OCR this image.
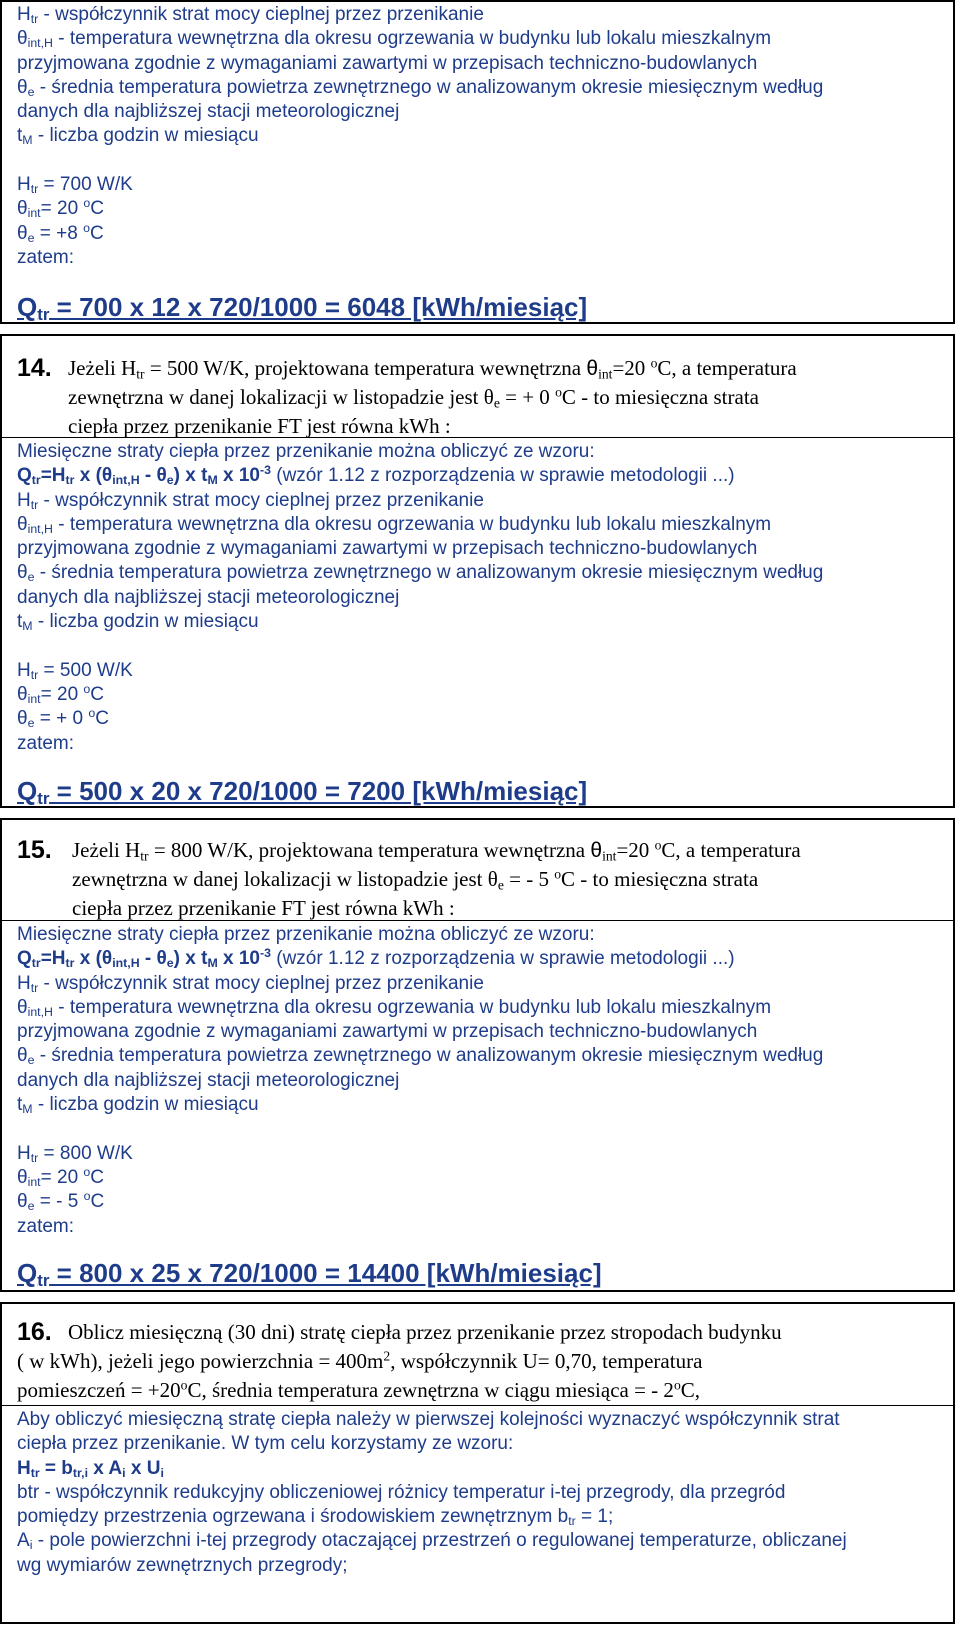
$H_{tr}$ - współczynnik strat mocy cieplnej przez przenikanie
$\theta_{int,H}$ - temperatura wewnętrzna dla okresu ogrzewania w budynku lub lokalu mieszkalnym
przyjmowana zgodnie z wymaganiami zawartymi w przepisach techniczno-budowlanych
$\theta_e$ - średnia temperatura powietrza zewnętrznego w analizowanym okresie miesięcznym według
danych dla najbliższej stacji meteorologicznej
$t_M$ - liczba godzin w miesiącu
$H_{tr} = 700$ W/K
$\theta_{int}= 20$ $^o$C
$\theta_e = +8$ $^o$C
zatem:
$Q_{tr} = 700$ x 12 x 720/1000 = 6048 [kWh/miesiąc]
14. Jeżeli $H_{tr} = 500$ W/K, projektowana temperatura wewnętrzna $\theta_{int}=20$ $^o$C, a temperatura
zewnętrzna w danej lokalizacji w listopadzie jest $\theta_e$ = + 0 $^o$C - to miesięczna strata
ciepła przez przenikanie FT jest równa kWh :
Miesięczne straty ciepła przez przenikanie można obliczyć ze wzoru:
$Q_{tr}=H_{tr}$ x $(\theta_{int,H} - \theta_e)$ x $t_M$ x $10^{-3}$ (wzór 1.12 z rozporządzenia w sprawie metodologii ...)
$H_{tr}$ - współczynnik strat mocy cieplnej przez przenikanie
$\theta_{int,H}$ - temperatura wewnętrzna dla okresu ogrzewania w budynku lub lokalu mieszkalnym
przyjmowana zgodnie z wymaganiami zawartymi w przepisach techniczno-budowlanych
$\theta_e$ - średnia temperatura powietrza zewnętrznego w analizowanym okresie miesięcznym według
danych dla najbliższej stacji meteorologicznej
$t_M$ - liczba godzin w miesiącu
$H_{tr} = 500$ W/K
$\theta_{int}= 20$ $^o$C
$\theta_e$ = + 0 $^o$C
zatem:
$Q_{tr} = 500$ x 20 x 720/1000 = 7200 [kWh/miesiąc]
15. Jeżeli $H_{tr} = 800$ W/K, projektowana temperatura wewnętrzna $\theta_{int}=20$ $^o$C, a temperatura
zewnętrzna w danej lokalizacji w listopadzie jest $\theta_e$ = - 5 $^o$C - to miesięczna strata
ciepła przez przenikanie FT jest równa kWh :
Miesięczne straty ciepła przez przenikanie można obliczyć ze wzoru:
$Q_{tr}=H_{tr}$ x $(\theta_{int,H} - \theta_e)$ x $t_M$ x $10^{-3}$ (wzór 1.12 z rozporządzenia w sprawie metodologii ...)
$H_{tr}$ - współczynnik strat mocy cieplnej przez przenikanie
$\theta_{int,H}$ - temperatura wewnętrzna dla okresu ogrzewania w budynku lub lokalu mieszkalnym
przyjmowana zgodnie z wymaganiami zawartymi w przepisach techniczno-budowlanych
$\theta_e$ - średnia temperatura powietrza zewnętrznego w analizowanym okresie miesięcznym według
danych dla najbliższej stacji meteorologicznej
$t_M$ - liczba godzin w miesiącu
$H_{tr} = 800$ W/K
$\theta_{int}= 20$ $^o$C
$\theta_e$ = - 5 $^o$C
zatem:
$Q_{tr} = 800$ x 25 x 720/1000 = 14400 [kWh/miesiąc]
16. Oblicz miesięczną (30 dni) stratę ciepła przez przenikanie przez stropodach budynku
( w kWh), jeżeli jego powierzchnia = $400m^2$, współczynnik U= 0,70, temperatura
pomieszczeń = $+20^oC$, średnia temperatura zewnętrzna w ciągu miesiąca = - 2$^o$C,
Aby obliczyć miesięczną stratę ciepła należy w pierwszej kolejności wyznaczyć współczynnik strat
ciepła przez przenikanie. W tym celu korzystamy ze wzoru:
$H_{tr} = b_{tr,i}$ x $A_i$ x $U_i$
btr - współczynnik redukcyjny obliczeniowej różnicy temperatur i-tej przegrody, dla przegród
pomiędzy przestrzenia ogrzewana i środowiskiem zewnętrznym $b_{tr} = 1$;
$A_i$ - pole powierzchni i-tej przegrody otaczającej przestrzeń o regulowanej temperaturze, obliczanej
wg wymiarów zewnętrznych przegrody;
